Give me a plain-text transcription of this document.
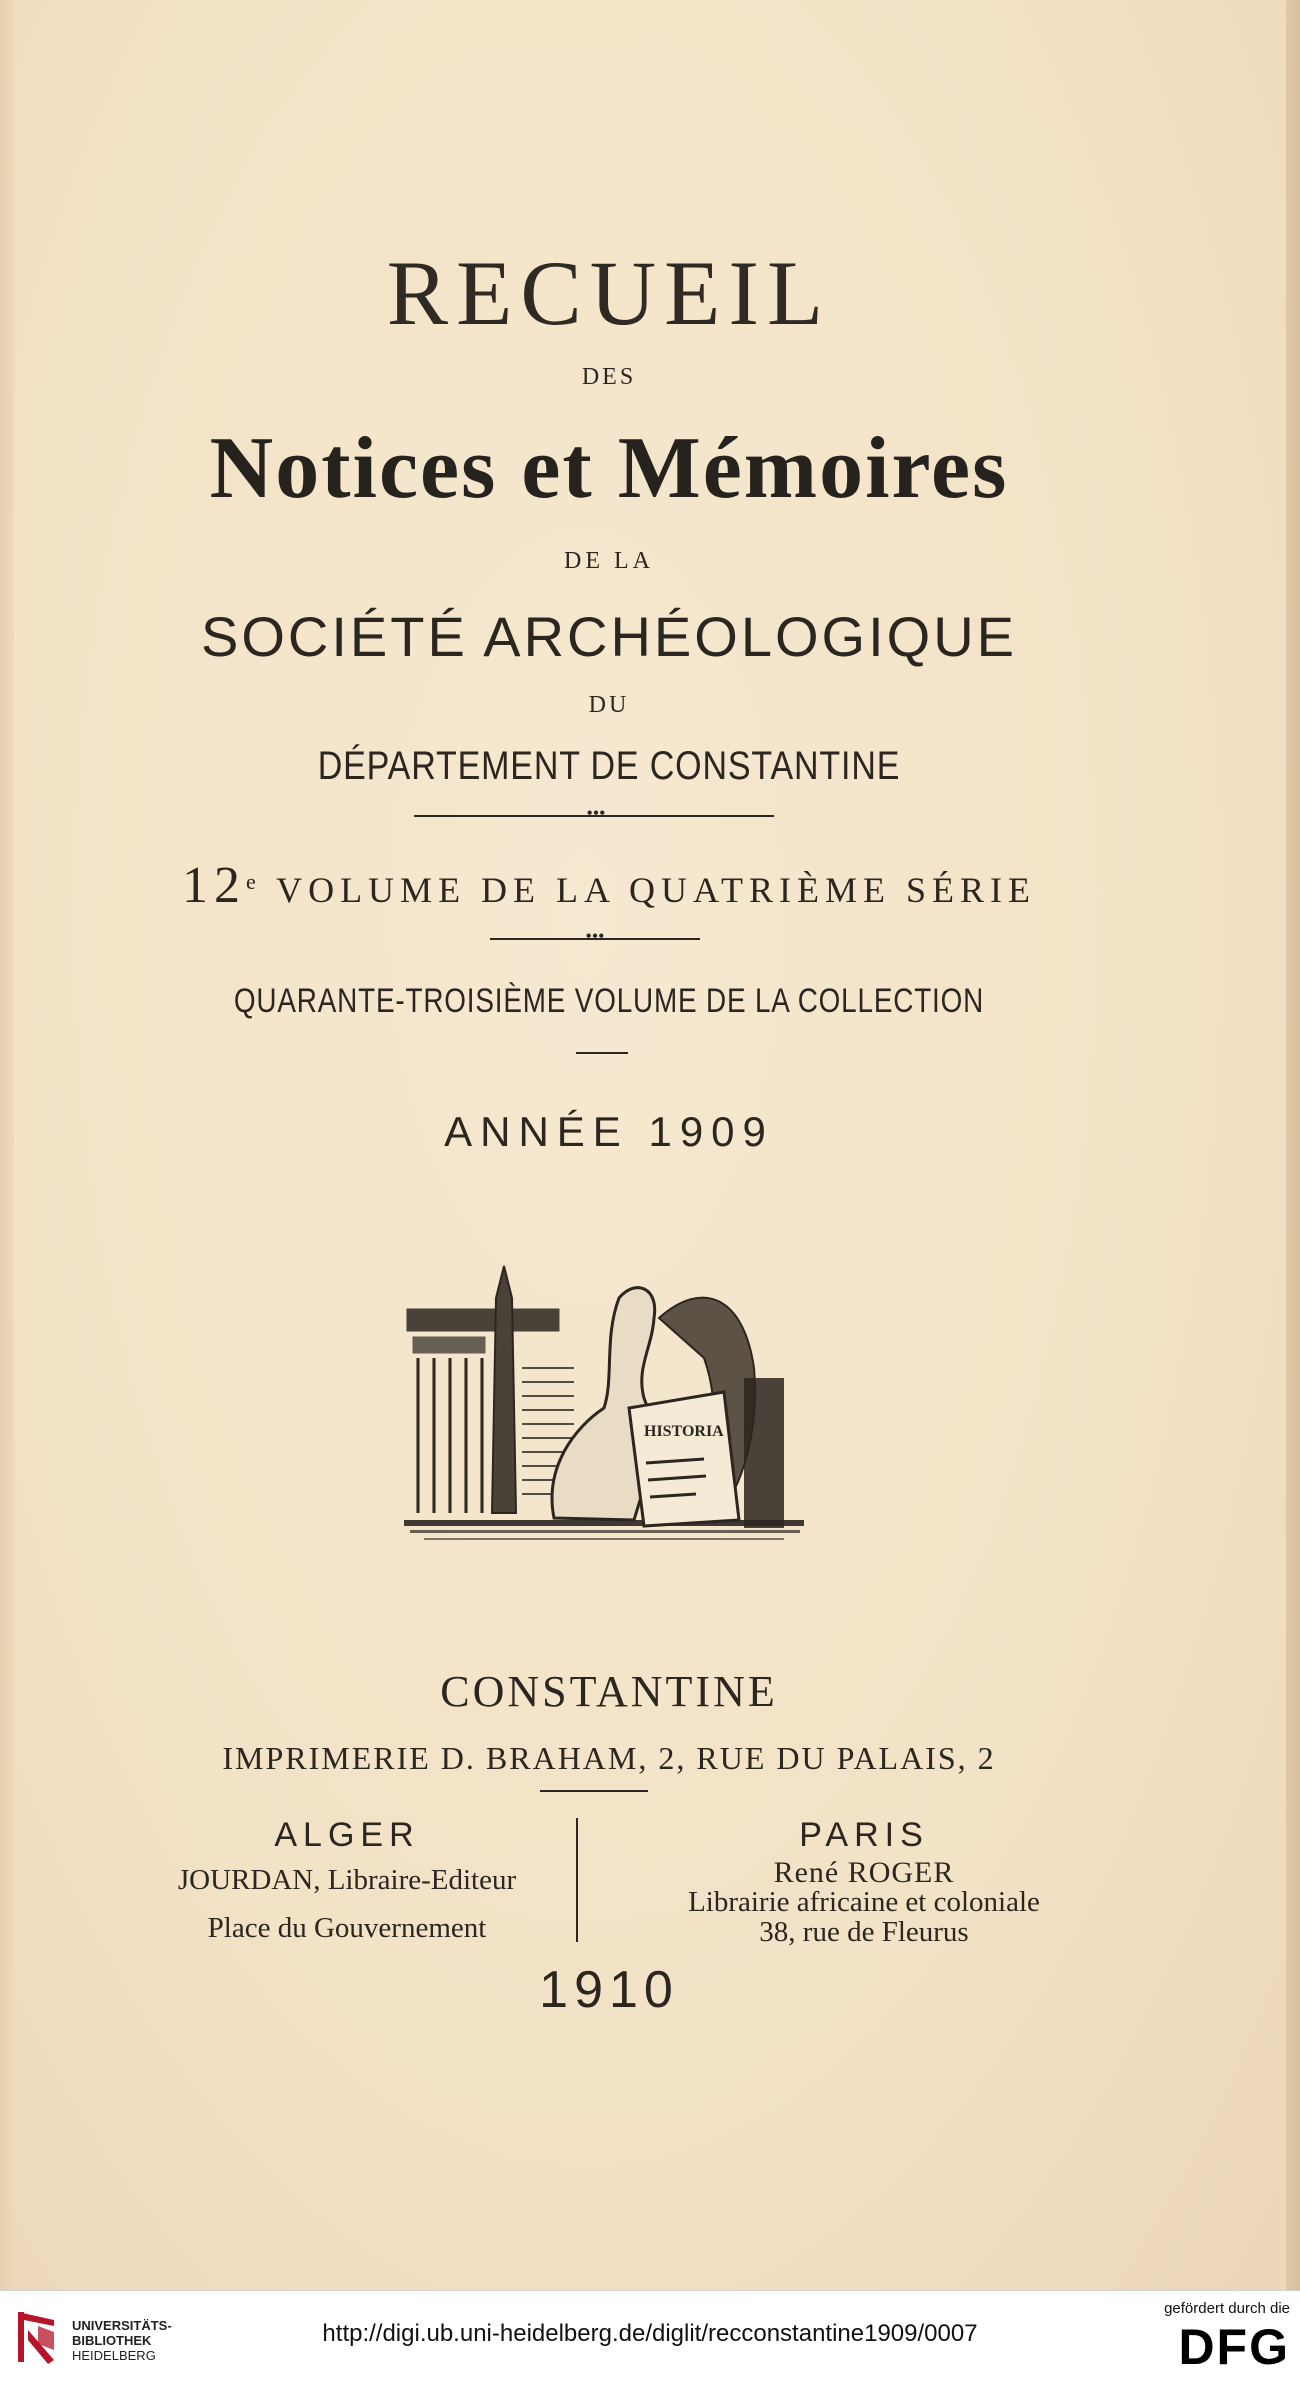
RECUEIL
DES
Notices et Mémoires
DE LA
SOCIÉTÉ ARCHÉOLOGIQUE
DU
DÉPARTEMENT DE CONSTANTINE
•••
12e VOLUME DE LA QUATRIÈME SÉRIE
•••
QUARANTE-TROISIÈME VOLUME DE LA COLLECTION
ANNÉE 1909
HISTORIA
CONSTANTINE
IMPRIMERIE D. BRAHAM, 2, RUE DU PALAIS, 2
ALGER
JOURDAN, Libraire-Editeur
Place du Gouvernement
PARIS
René ROGER
Librairie africaine et coloniale
38, rue de Fleurus
1910
UNIVERSITÄTS-
BIBLIOTHEK
HEIDELBERG
http://digi.ub.uni-heidelberg.de/diglit/recconstantine1909/0007
gefördert durch die
DFG
